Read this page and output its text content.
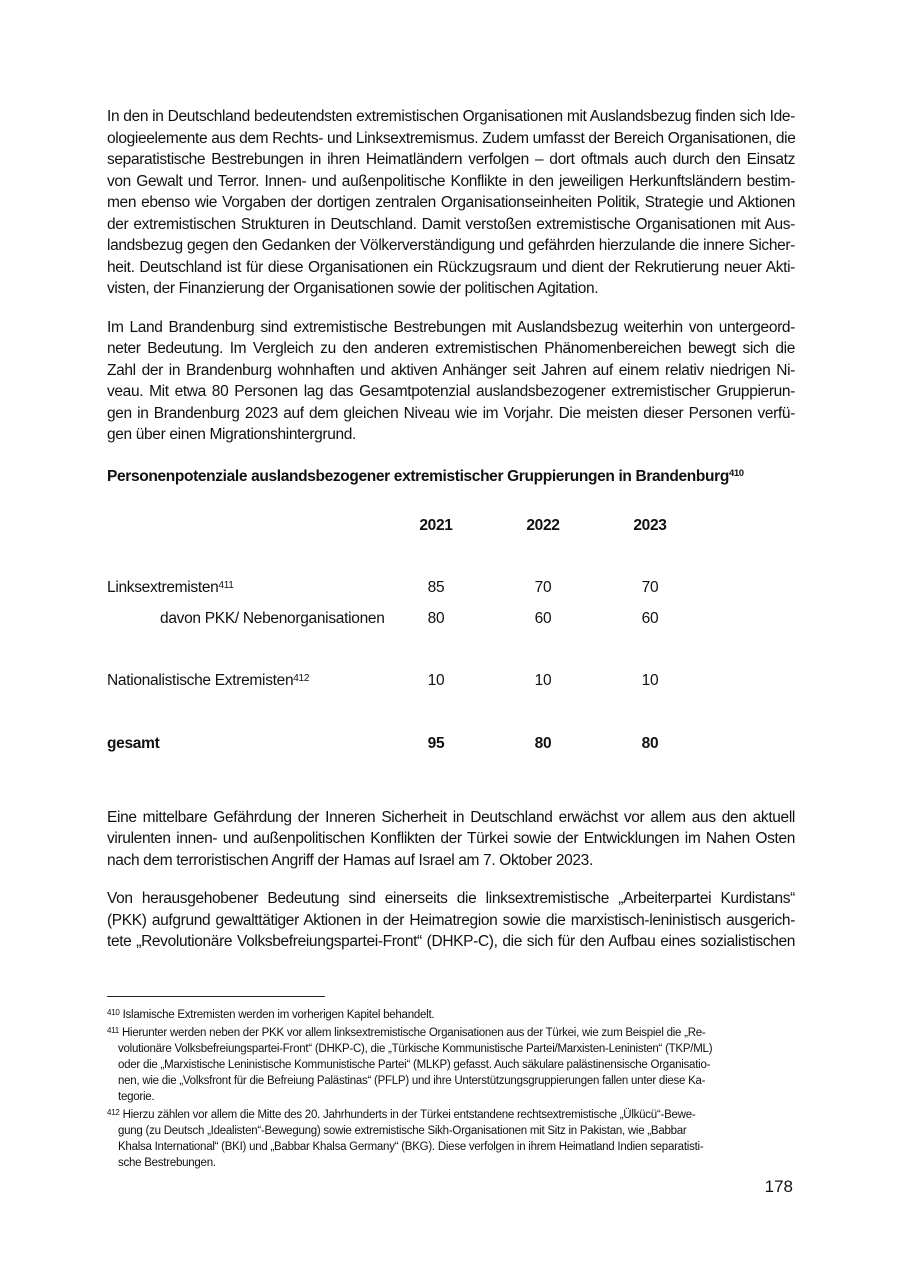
In den in Deutschland bedeutendsten extremistischen Organisationen mit Auslandsbezug finden sich Ide-
ologieelemente aus dem Rechts- und Linksextremismus. Zudem umfasst der Bereich Organisationen, die
separatistische Bestrebungen in ihren Heimatländern verfolgen – dort oftmals auch durch den Einsatz
von Gewalt und Terror. Innen- und außenpolitische Konflikte in den jeweiligen Herkunftsländern bestim-
men ebenso wie Vorgaben der dortigen zentralen Organisationseinheiten Politik, Strategie und Aktionen
der extremistischen Strukturen in Deutschland. Damit verstoßen extremistische Organisationen mit Aus-
landsbezug gegen den Gedanken der Völkerverständigung und gefährden hierzulande die innere Sicher-
heit. Deutschland ist für diese Organisationen ein Rückzugsraum und dient der Rekrutierung neuer Akti-
visten, der Finanzierung der Organisationen sowie der politischen Agitation.

Im Land Brandenburg sind extremistische Bestrebungen mit Auslandsbezug weiterhin von untergeord-
neter Bedeutung. Im Vergleich zu den anderen extremistischen Phänomenbereichen bewegt sich die
Zahl der in Brandenburg wohnhaften und aktiven Anhänger seit Jahren auf einem relativ niedrigen Ni-
veau. Mit etwa 80 Personen lag das Gesamtpotenzial auslandsbezogener extremistischer Gruppierun-
gen in Brandenburg 2023 auf dem gleichen Niveau wie im Vorjahr. Die meisten dieser Personen verfü-
gen über einen Migrationshintergrund.

Personenpotenziale auslandsbezogener extremistischer Gruppierungen in Brandenburg$^{410}$
2021	2022	2023
Linksextremisten$^{411}$	85	70	70
davon PKK/ Nebenorganisationen	80	60	60
Nationalistische Extremisten$^{412}$	10	10	10
gesamt	95	80	80

Eine mittelbare Gefährdung der Inneren Sicherheit in Deutschland erwächst vor allem aus den aktuell
virulenten innen- und außenpolitischen Konflikten der Türkei sowie der Entwicklungen im Nahen Osten
nach dem terroristischen Angriff der Hamas auf Israel am 7. Oktober 2023.

Von herausgehobener Bedeutung sind einerseits die linksextremistische „Arbeiterpartei Kurdistans“
(PKK) aufgrund gewalttätiger Aktionen in der Heimatregion sowie die marxistisch-leninistisch ausgerich-
tete „Revolutionäre Volksbefreiungspartei-Front“ (DHKP-C), die sich für den Aufbau eines sozialistischen

$^{410}$ Islamische Extremisten werden im vorherigen Kapitel behandelt.
$^{411}$ Hierunter werden neben der PKK vor allem linksextremistische Organisationen aus der Türkei, wie zum Beispiel die „Re-
volutionäre Volksbefreiungspartei-Front“ (DHKP-C), die „Türkische Kommunistische Partei/Marxisten-Leninisten“ (TKP/ML)
oder die „Marxistische Leninistische Kommunistische Partei“ (MLKP) gefasst. Auch säkulare palästinensische Organisatio-
nen, wie die „Volksfront für die Befreiung Palästinas“ (PFLP) und ihre Unterstützungsgruppierungen fallen unter diese Ka-
tegorie.
$^{412}$ Hierzu zählen vor allem die Mitte des 20. Jahrhunderts in der Türkei entstandene rechtsextremistische „Ülkücü“-Bewe-
gung (zu Deutsch „Idealisten“-Bewegung) sowie extremistische Sikh-Organisationen mit Sitz in Pakistan, wie „Babbar
Khalsa International“ (BKI) und „Babbar Khalsa Germany“ (BKG). Diese verfolgen in ihrem Heimatland Indien separatisti-
sche Bestrebungen.
178
